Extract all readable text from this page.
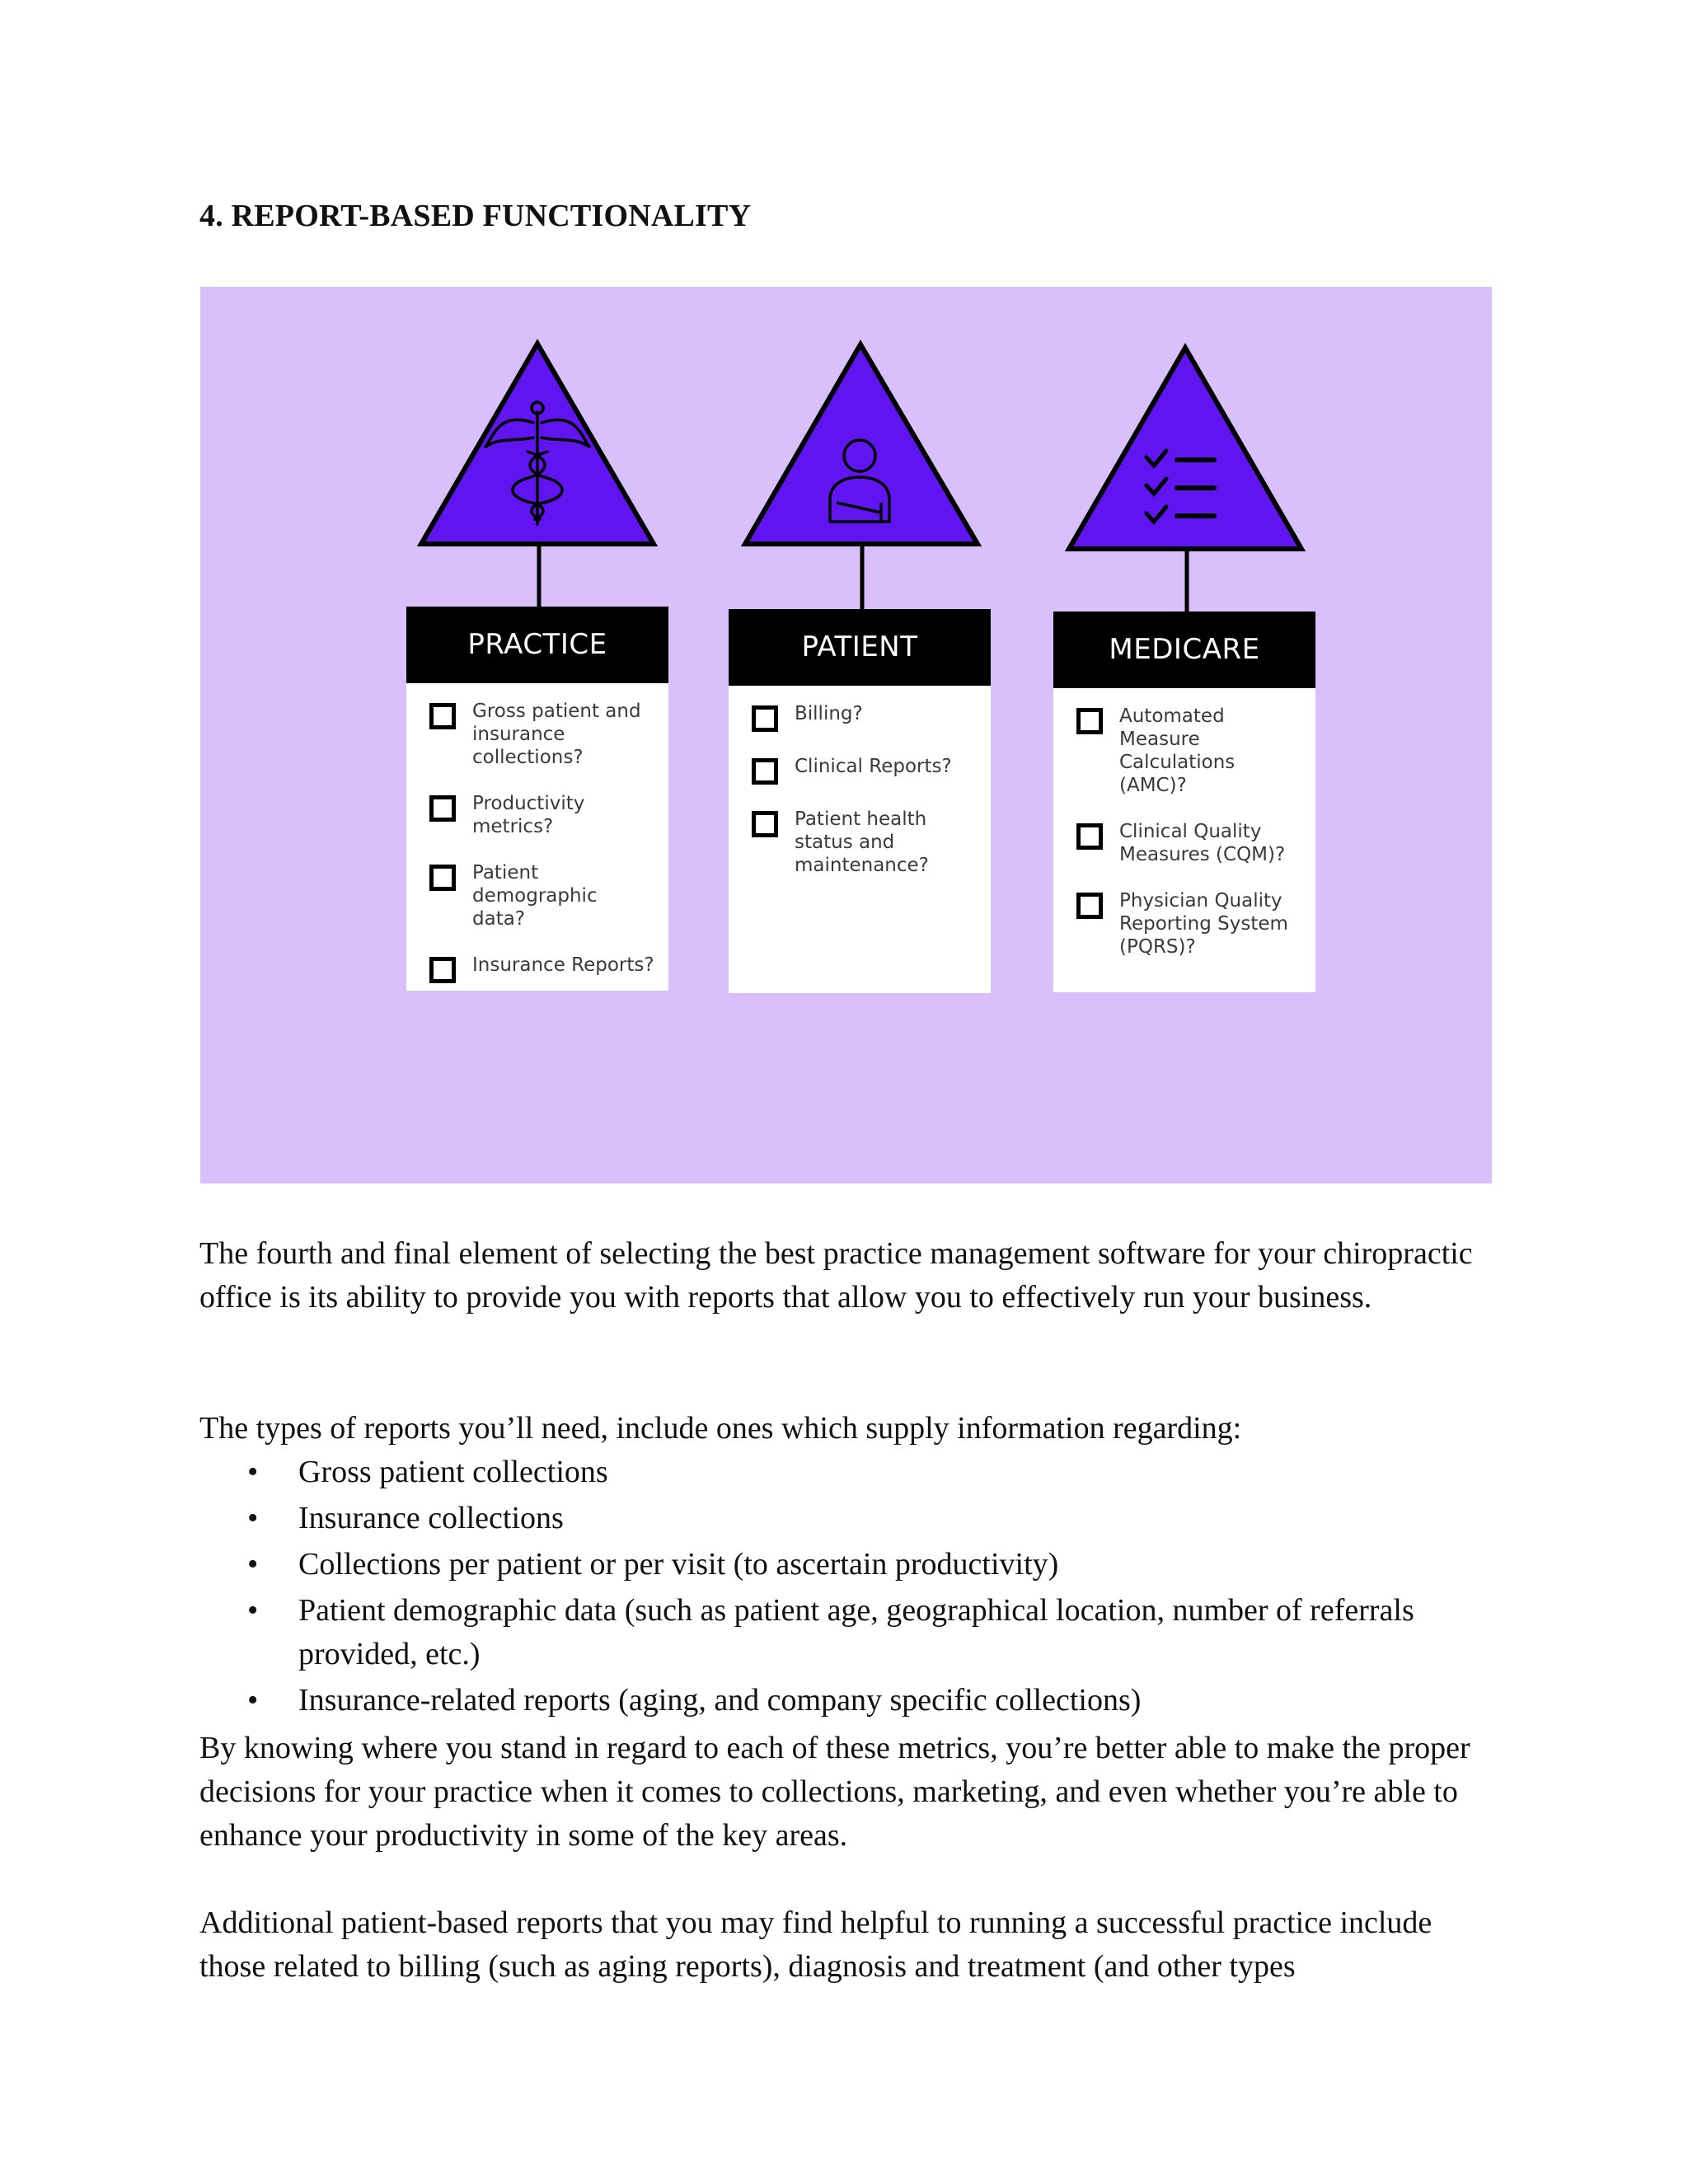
4. REPORT-BASED FUNCTIONALITY
PRACTICE
Gross patient and insurance collections?
Productivity metrics?
Patient demographic data?
Insurance Reports?
PATIENT
Billing?
Clinical Reports?
Patient health status and maintenance?
MEDICARE
Automated Measure Calculations (AMC)?
Clinical Quality Measures (CQM)?
Physician Quality Reporting System (PQRS)?
The fourth and final element of selecting the best practice management software for your chiropractic office is its ability to provide you with reports that allow you to effectively run your business.
The types of reports you’ll need, include ones which supply information regarding:
• Gross patient collections
• Insurance collections
• Collections per patient or per visit (to ascertain productivity)
• Patient demographic data (such as patient age, geographical location, number of referrals provided, etc.)
• Insurance-related reports (aging, and company specific collections)
By knowing where you stand in regard to each of these metrics, you’re better able to make the proper decisions for your practice when it comes to collections, marketing, and even whether you’re able to enhance your productivity in some of the key areas.
Additional patient-based reports that you may find helpful to running a successful practice include those related to billing (such as aging reports), diagnosis and treatment (and other types
